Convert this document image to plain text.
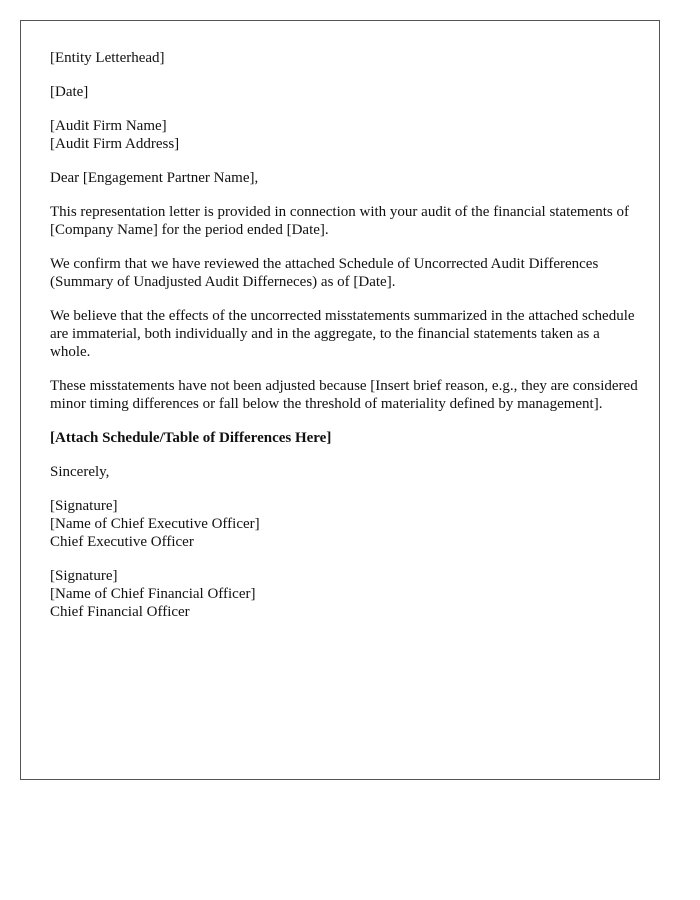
[Entity Letterhead]

[Date]

[Audit Firm Name]
[Audit Firm Address]

Dear [Engagement Partner Name],

This representation letter is provided in connection with your audit of the financial statements of [Company Name] for the period ended [Date].

We confirm that we have reviewed the attached Schedule of Uncorrected Audit Differences (Summary of Unadjusted Audit Differneces) as of [Date].

We believe that the effects of the uncorrected misstatements summarized in the attached schedule are immaterial, both individually and in the aggregate, to the financial statements taken as a whole.

These misstatements have not been adjusted because [Insert brief reason, e.g., they are considered minor timing differences or fall below the threshold of materiality defined by management].

[Attach Schedule/Table of Differences Here]

Sincerely,

[Signature]
[Name of Chief Executive Officer]
Chief Executive Officer

[Signature]
[Name of Chief Financial Officer]
Chief Financial Officer
